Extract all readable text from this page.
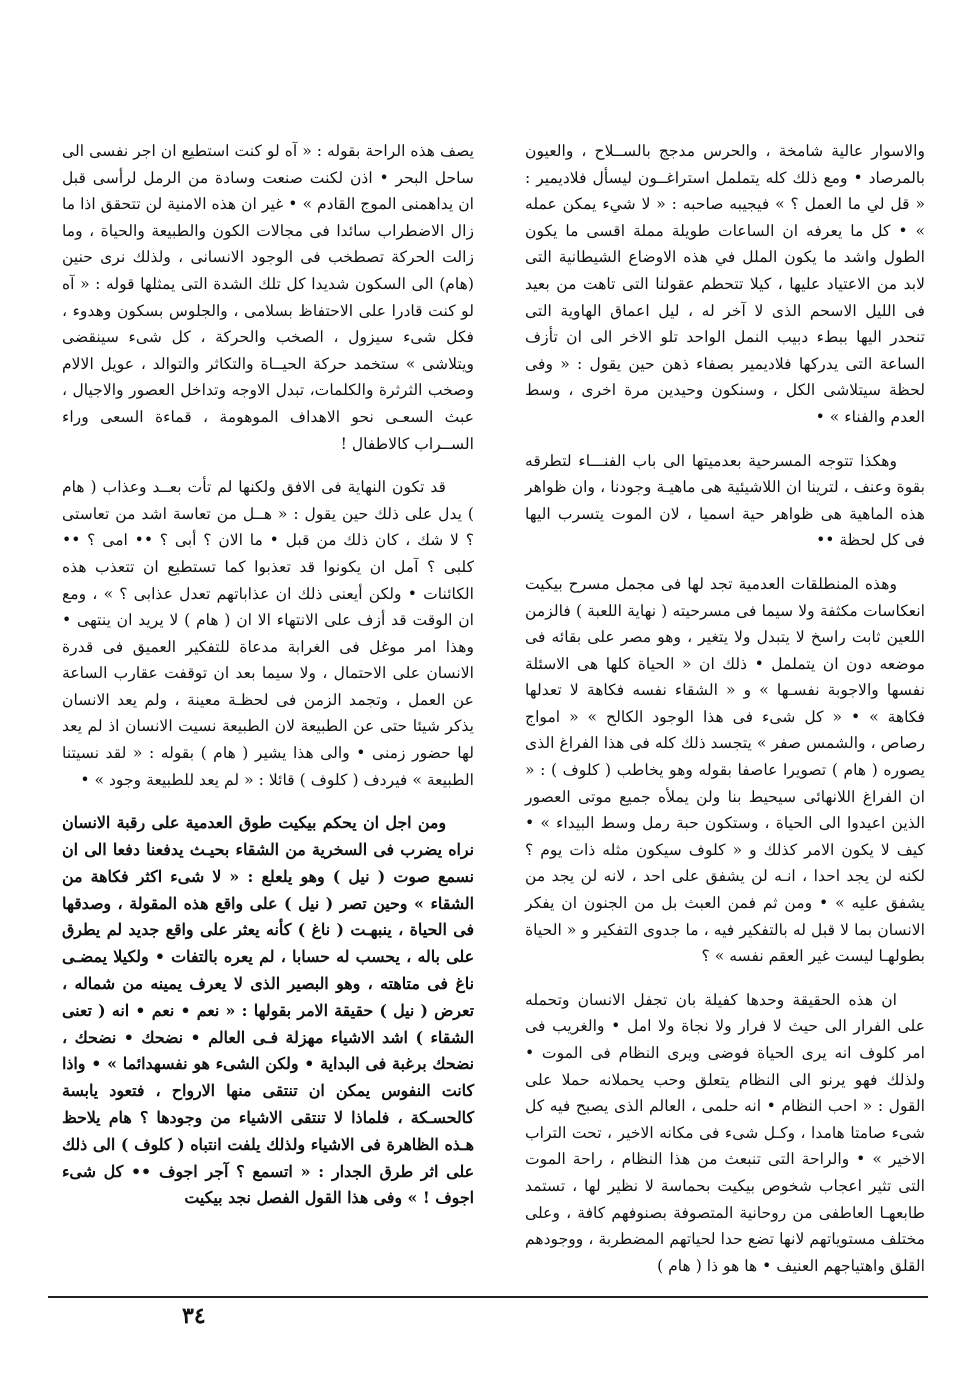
والاسوار عالية شامخة ، والحرس مدجج بالســلاح ، والعيون بالمرصاد • ومع ذلك كله يتململ استراغــون ليسأل فلاديمير : « قل لي ما العمل ؟ » فيجيبه صاحبه : « لا شيء يمكن عمله » • كل ما يعرفه ان الساعات طويلة مملة اقسى ما يكون الطول واشد ما يكون الملل في هذه الاوضاع الشيطانية التى لابد من الاعتياد عليها ، كيلا تتحطم عقولنا التى تاهت من بعيد فى الليل الاسحم الذى لا آخر له ، ليل اعماق الهاوية التى تنحدر اليها ببطء دبيب النمل الواحد تلو الاخر الى ان تأزف الساعة التى يدركها فلاديمير بصفاء ذهن حين يقول : « وفى لحظة سيتلاشى الكل ، وسنكون وحيدين مرة اخرى ، وسط العدم والفناء » •

وهكذا تتوجه المسرحية بعدميتها الى باب الفنـــاء لتطرقه بقوة وعنف ، لترينا ان اللاشيئية هى ماهيـة وجودنا ، وان ظواهر هذه الماهية هى ظواهر حية اسميا ، لان الموت يتسرب اليها فى كل لحظة ••

وهذه المنطلقات العدمية تجد لها فى مجمل مسرح بيكيت انعكاسات مكثفة ولا سيما فى مسرحيته ( نهاية اللعبة ) فالزمن اللعين ثابت راسخ لا يتبدل ولا يتغير ، وهو مصر على بقائه فى موضعه دون ان يتململ • ذلك ان « الحياة كلها هى الاسئلة نفسها والاجوبة نفسـها » و « الشقاء نفسه فكاهة لا تعدلها فكاهة » • « كل شىء فى هذا الوجود الكالح » « امواج رصاص ، والشمس صفر » يتجسد ذلك كله فى هذا الفراغ الذى يصوره ( هام ) تصويرا عاصفا بقوله وهو يخاطب ( كلوف ) : « ان الفراغ اللانهائى سيحيط بنا ولن يملأه جميع موتى العصور الذين اعيدوا الى الحياة ، وستكون حبة رمل وسط البيداء » • كيف لا يكون الامر كذلك و « كلوف سيكون مثله ذات يوم ؟ لكنه لن يجد احدا ، انـه لن يشفق على احد ، لانه لن يجد من يشفق عليه » • ومن ثم فمن العبث بل من الجنون ان يفكر الانسان بما لا قبل له بالتفكير فيه ، ما جدوى التفكير و « الحياة بطولهـا ليست غير العقم نفسه » ؟

ان هذه الحقيقة وحدها كفيلة بان تجفل الانسان وتحمله على الفرار الى حيث لا فرار ولا نجاة ولا امل • والغريب فى امر كلوف انه يرى الحياة فوضى ويرى النظام فى الموت • ولذلك فهو يرنو الى النظام يتعلق وحب يحملانه حملا على القول : « احب النظام • انه حلمى ، العالم الذى يصبح فيه كل شىء صامتا هامدا ، وكـل شىء فى مكانه الاخير ، تحت التراب الاخير » • والراحة التى تنبعث من هذا النظام ، راحة الموت التى تثير اعجاب شخوص بيكيت بحماسة لا نظير لها ، تستمد طابعهـا العاطفى من روحانية المتصوفة بصنوفهم كافة ، وعلى مختلف مستوياتهم لانها تضع حدا لحياتهم المضطربة ، ووجودهم القلق واهتياجهم العنيف • ها هو ذا ( هام )

يصف هذه الراحة بقوله : « آه لو كنت استطيع ان اجر نفسى الى ساحل البحر • اذن لكنت صنعت وسادة من الرمل لرأسى قبل ان يداهمنى الموج القادم » • غير ان هذه الامنية لن تتحقق اذا ما زال الاضطراب سائدا فى مجالات الكون والطبيعة والحياة ، وما زالت الحركة تصطخب فى الوجود الانسانى ، ولذلك نرى حنين (هام) الى السكون شديدا كل تلك الشدة التى يمثلها قوله : « آه لو كنت قادرا على الاحتفاظ بسلامى ، والجلوس بسكون وهدوء ، فكل شىء سيزول ، الصخب والحركة ، كل شىء سينقضى ويتلاشى » ستخمد حركة الحيــاة والتكاثر والتوالد ، عويل الالام وصخب الثرثرة والكلمات، تبدل الاوجه وتداخل العصور والاجيال ، عبث السعـى نحو الاهداف الموهومة ، قماءة السعى وراء الســراب كالاطفال !

قد تكون النهاية فى الافق ولكنها لم تأت بعــد وعذاب ( هام ) يدل على ذلك حين يقول : « هــل من تعاسة اشد من تعاستى ؟ لا شك ، كان ذلك من قبل • ما الان ؟ أبى ؟ •• امى ؟ •• كلبى ؟ آمل ان يكونوا قد تعذبوا كما تستطيع ان تتعذب هذه الكائنات • ولكن أيعنى ذلك ان عذاباتهم تعدل عذابى ؟ » ، ومع ان الوقت قد أزف على الانتهاء الا ان ( هام ) لا يريد ان ينتهى • وهذا امر موغل فى الغرابة مدعاة للتفكير العميق فى قدرة الانسان على الاحتمال ، ولا سيما بعد ان توقفت عقارب الساعة عن العمل ، وتجمد الزمن فى لحظـة معينة ، ولم يعد الانسان يذكر شيئا حتى عن الطبيعة لان الطبيعة نسيت الانسان اذ لم يعد لها حضور زمنى • والى هذا يشير ( هام ) بقوله : « لقد نسيتنا الطبيعة » فيردف ( كلوف ) قائلا : « لم يعد للطبيعة وجود » •

ومن اجل ان يحكم بيكيت طوق العدمية على رقبة الانسان نراه يضرب فى السخرية من الشقاء بحيـث يدفعنا دفعا الى ان نسمع صوت ( نيل ) وهو يلعلع : « لا شىء اكثر فكاهة من الشقاء » وحين تصر ( نيل ) على واقع هذه المقولة ، وصدقها فى الحياة ، ينبهـت ( ناغ ) كأنه يعثر على واقع جديد لم يطرق على باله ، يحسب له حسابا ، لم يعره بالتفات • ولكيلا يمضـى ناغ فى متاهته ، وهو البصير الذى لا يعرف يمينه من شماله ، تعرض ( نيل ) حقيقة الامر بقولها : « نعم • نعم • انه ( تعنى الشقاء ) اشد الاشياء مهزلة فـى العالم • نضحك • نضحك ، نضحك برغبة فى البداية • ولكن الشىء هو نفسهدائما » • واذا كانت النفوس يمكن ان تنتقى منها الارواح ، فتعود يابسة كالحسـكة ، فلماذا لا تنتقى الاشياء من وجودها ؟ هام يلاحظ هـذه الظاهرة فى الاشياء ولذلك يلفت انتباه ( كلوف ) الى ذلك على اثر طرق الجدار : « اتسمع ؟ آجر اجوف •• كل شىء اجوف ! » وفى هذا القول الفصل نجد بيكيت

٣٤
